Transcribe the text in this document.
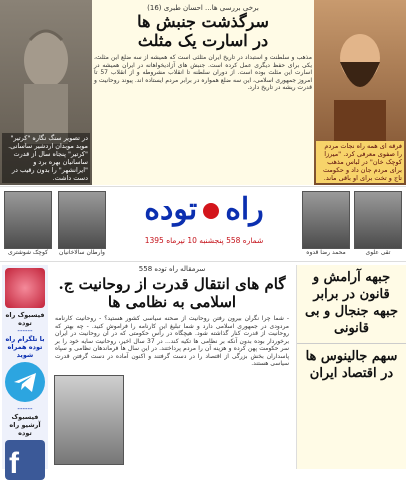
در تصویر سنگ نگاره "کرتیر" موبد موبدان اردشیر ساسانی. "کرتیر" پنجاه سال از قدرت ساسانیان بهره برد و "ایرانشهر" را بدون رقیب در دست داشت.
برخی بررسی ها... احسان طبری (16)
سرگذشت جنبش ها
در اسارت یک مثلث
مذهب و سلطنت و استبداد در تاریخ ایران مثلثی است که همیشه از سه ضلع این مثلث، یکی برای حفظ دیگری عمل کرده است. جنبش های آزادیخواهانه در ایران همیشه در اسارت این مثلث بوده است. از دوران سلطنه تا انقلاب مشروطه و از انقلاب 57 تا امروز جمهوری اسلامی، این سه ضلع همواره در برابر مردم ایستاده اند. پیوند روحانیت و قدرت ریشه در تاریخ دارد.
فرقه ای همه راه نجات مردم را صفوی معرفی کرد. "میرزا کوچک خان" در لباس مذهب برای مردم جان داد و حکومت تاج و تخت برای او باقی ماند.
کوچک شوشتری	وارطان سالاخانیان	محمد رضا قدوه	تقی علوی
راهتوده
شماره 558 پنجشنبه 10 تیرماه 1395
فیسبوک راه توده
------
با تلگرام راه توده همراه شوید
------
فیسبوک آرشیو راه توده
f
سرمقاله راه توده 558
گام های انتقال قدرت از روحانیت ج. اسلامی به نظامی ها
- شما چرا نگران بیرون رفتن روحانیت از صحنه سیاسی کشور هستید؟ - روحانیت کارنامه مردودی در جمهوری اسلامی دارد و شما تبلیغ این کارنامه را فراموش کنید. - چه بهتر که روحانیت از قدرت کنار گذاشته شود. هیچگاه در رأس حکومتی که در آن روحانیت در ایران برخوردار بوده بدون آنکه بر نظامی ها تکیه کند... در 37 سال اخیر، روحانیت سایه خود را بر سر حکومت پهن کرده و هزینه آن را مردم پرداختند. در این سال ها فرماندهان نظامی و سپاه پاسداران بخش بزرگی از اقتصاد را در دست گرفتند و اکنون آماده در دست گرفتن قدرت سیاسی هستند.
جبهه آرامش و قانون در برابر جبهه جنجال و بی قانونی
سهم جالینوس ها در اقتصاد ایران
